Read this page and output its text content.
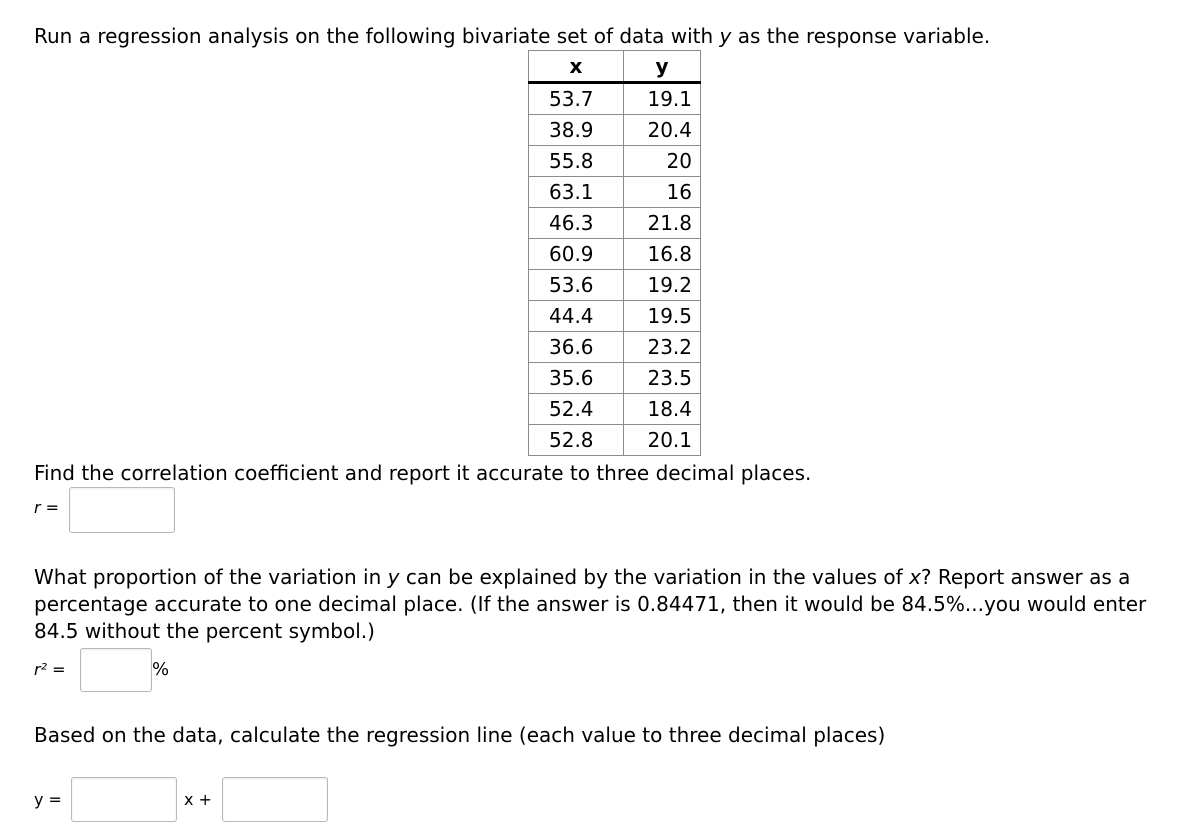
Run a regression analysis on the following bivariate set of data with y as the response variable.
x	y
53.7	19.1
38.9	20.4
55.8	20
63.1	16
46.3	21.8
60.9	16.8
53.6	19.2
44.4	19.5
36.6	23.2
35.6	23.5
52.4	18.4
52.8	20.1
Find the correlation coefficient and report it accurate to three decimal places.
r =
What proportion of the variation in y can be explained by the variation in the values of x? Report answer as a percentage accurate to one decimal place. (If the answer is 0.84471, then it would be 84.5%...you would enter 84.5 without the percent symbol.)
r² =	%
Based on the data, calculate the regression line (each value to three decimal places)
y =	x +
